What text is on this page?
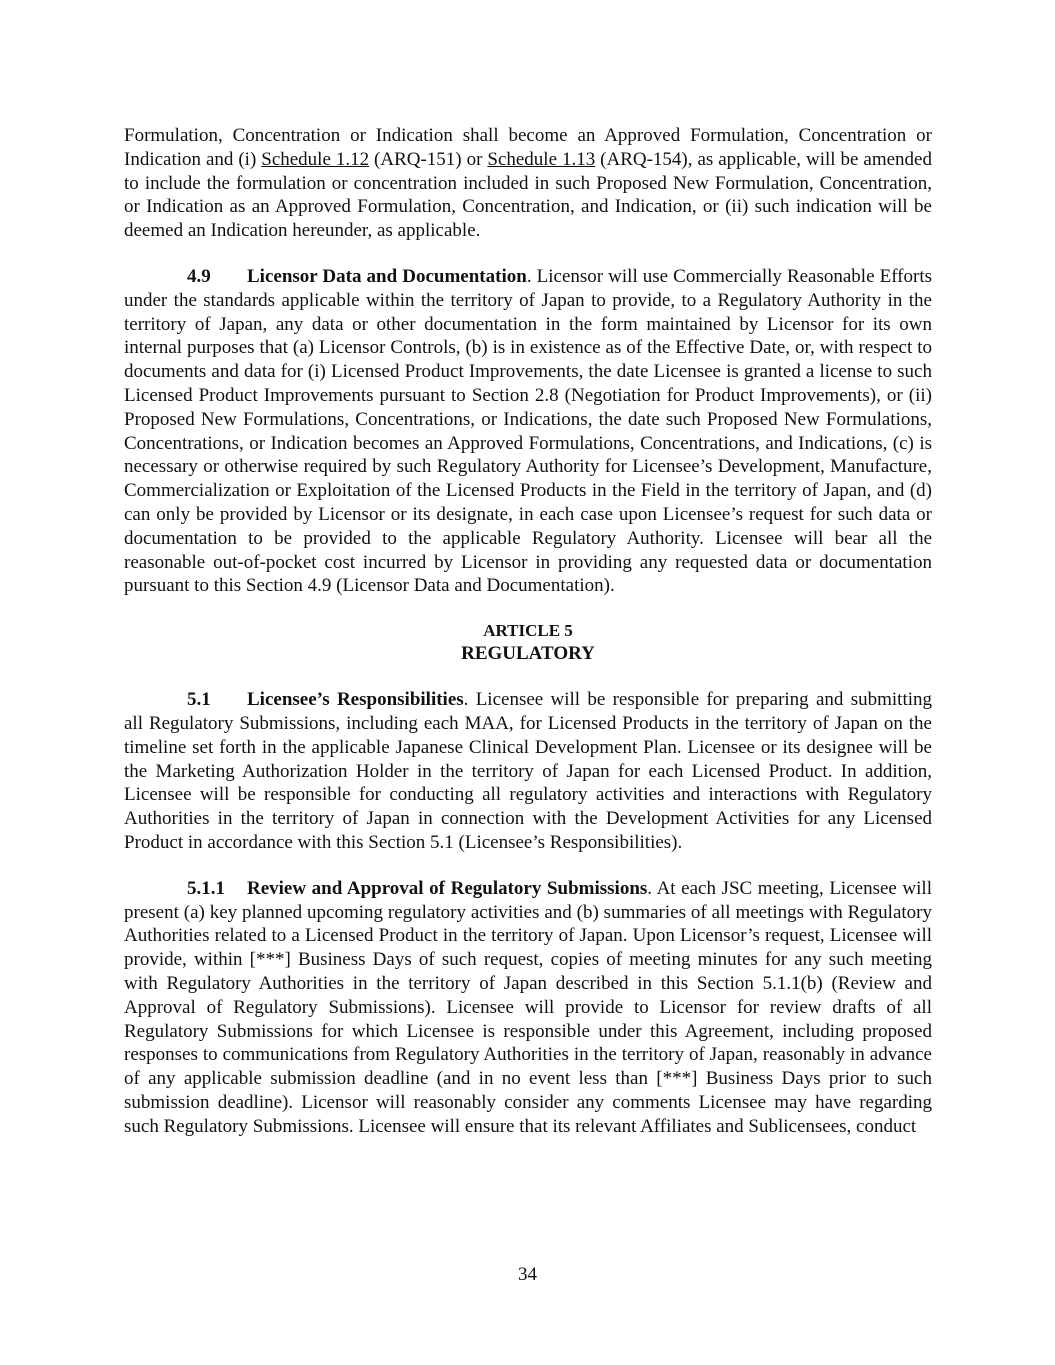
Formulation, Concentration or Indication shall become an Approved Formulation, Concentration or Indication and (i) Schedule 1.12 (ARQ-151) or Schedule 1.13 (ARQ-154), as applicable, will be amended to include the formulation or concentration included in such Proposed New Formulation, Concentration, or Indication as an Approved Formulation, Concentration, and Indication, or (ii) such indication will be deemed an Indication hereunder, as applicable.

4.9 Licensor Data and Documentation. Licensor will use Commercially Reasonable Efforts under the standards applicable within the territory of Japan to provide, to a Regulatory Authority in the territory of Japan, any data or other documentation in the form maintained by Licensor for its own internal purposes that (a) Licensor Controls, (b) is in existence as of the Effective Date, or, with respect to documents and data for (i) Licensed Product Improvements, the date Licensee is granted a license to such Licensed Product Improvements pursuant to Section 2.8 (Negotiation for Product Improvements), or (ii) Proposed New Formulations, Concentrations, or Indications, the date such Proposed New Formulations, Concentrations, or Indication becomes an Approved Formulations, Concentrations, and Indications, (c) is necessary or otherwise required by such Regulatory Authority for Licensee’s Development, Manufacture, Commercialization or Exploitation of the Licensed Products in the Field in the territory of Japan, and (d) can only be provided by Licensor or its designate, in each case upon Licensee’s request for such data or documentation to be provided to the applicable Regulatory Authority. Licensee will bear all the reasonable out-of-pocket cost incurred by Licensor in providing any requested data or documentation pursuant to this Section 4.9 (Licensor Data and Documentation).

ARTICLE 5
REGULATORY

5.1 Licensee’s Responsibilities. Licensee will be responsible for preparing and submitting all Regulatory Submissions, including each MAA, for Licensed Products in the territory of Japan on the timeline set forth in the applicable Japanese Clinical Development Plan. Licensee or its designee will be the Marketing Authorization Holder in the territory of Japan for each Licensed Product. In addition, Licensee will be responsible for conducting all regulatory activities and interactions with Regulatory Authorities in the territory of Japan in connection with the Development Activities for any Licensed Product in accordance with this Section 5.1 (Licensee’s Responsibilities).

5.1.1 Review and Approval of Regulatory Submissions. At each JSC meeting, Licensee will present (a) key planned upcoming regulatory activities and (b) summaries of all meetings with Regulatory Authorities related to a Licensed Product in the territory of Japan. Upon Licensor’s request, Licensee will provide, within [***] Business Days of such request, copies of meeting minutes for any such meeting with Regulatory Authorities in the territory of Japan described in this Section 5.1.1(b) (Review and Approval of Regulatory Submissions). Licensee will provide to Licensor for review drafts of all Regulatory Submissions for which Licensee is responsible under this Agreement, including proposed responses to communications from Regulatory Authorities in the territory of Japan, reasonably in advance of any applicable submission deadline (and in no event less than [***] Business Days prior to such submission deadline). Licensor will reasonably consider any comments Licensee may have regarding such Regulatory Submissions. Licensee will ensure that its relevant Affiliates and Sublicensees, conduct

34
